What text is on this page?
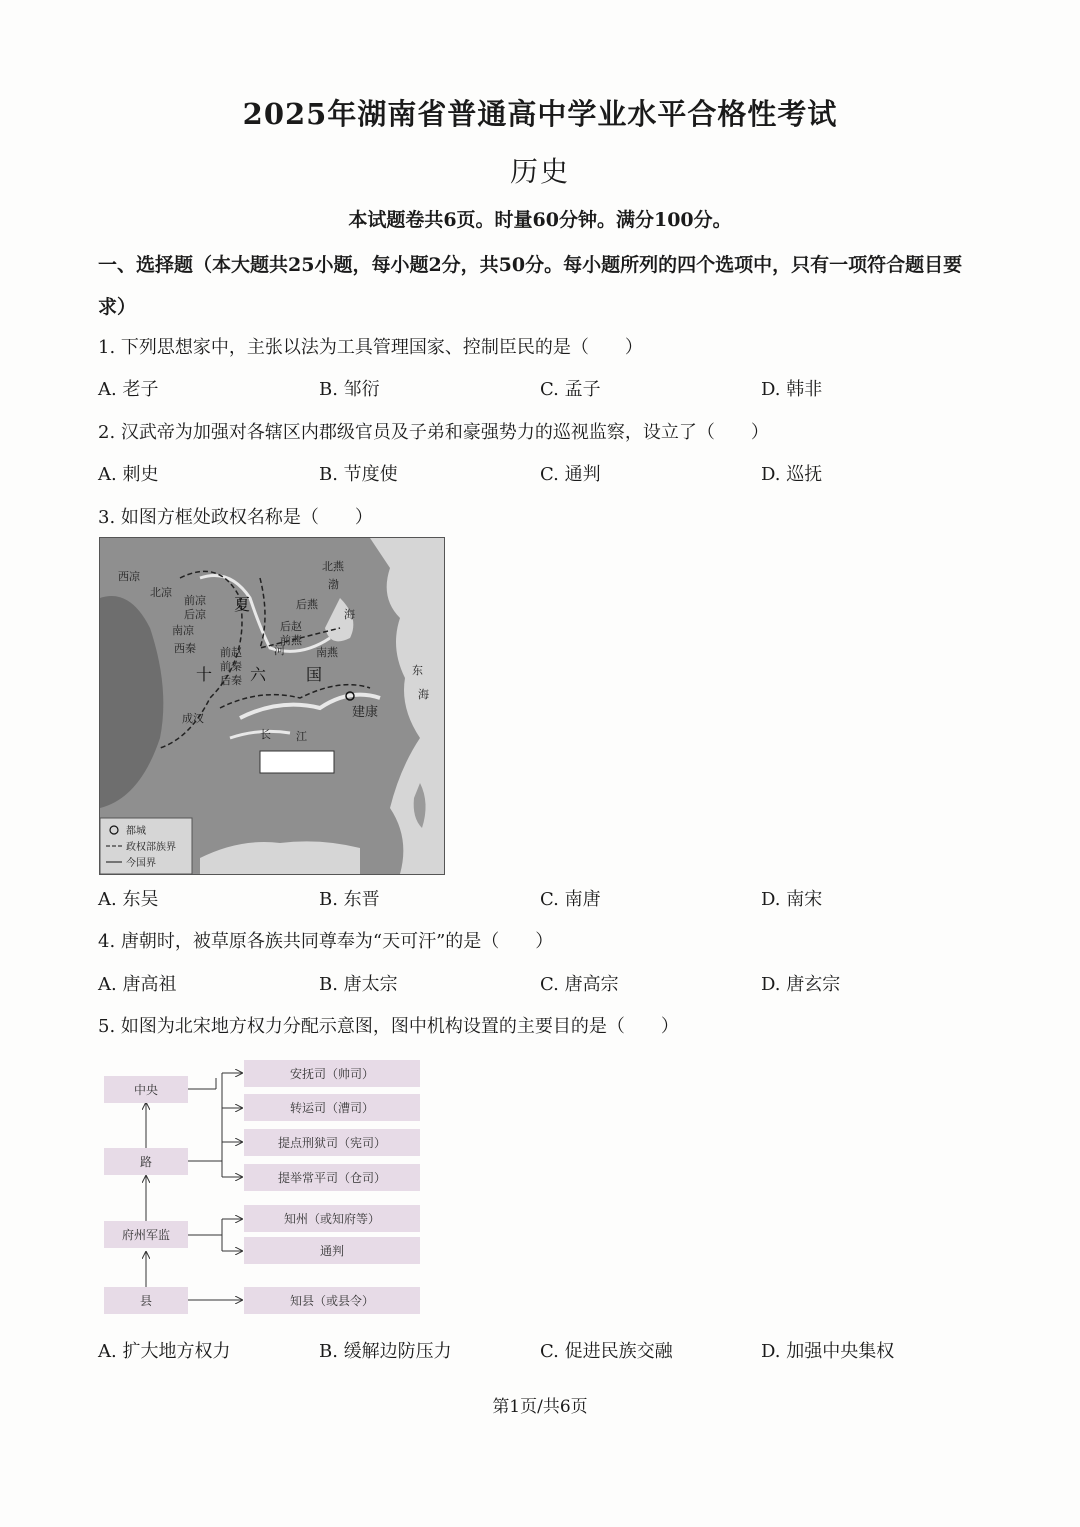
2025年湖南省普通高中学业水平合格性考试
历史
本试题卷共6页。时量60分钟。满分100分。
一、选择题（本大题共25小题，每小题2分，共50分。每小题所列的四个选项中，只有一项符合题目要求）
1. 下列思想家中，主张以法为工具管理国家、控制臣民的是（　　）
A. 老子	B. 邹衍	C. 孟子	D. 韩非
2. 汉武帝为加强对各辖区内郡级官员及子弟和豪强势力的巡视监察，设立了（　　）
A. 刺史	B. 节度使	C. 通判	D. 巡抚
3. 如图方框处政权名称是（　　）
西凉
北凉
前凉
后凉
南凉
西秦
夏
北燕
后燕
后赵
前燕
前赵
前秦
后秦
成汉
南燕
十 六 国
渤
海
东
海
河
长 江
建康
都城
政权部族界
今国界
A. 东吴	B. 东晋	C. 南唐	D. 南宋
4. 唐朝时，被草原各族共同尊奉为“天可汗”的是（　　）
A. 唐高祖	B. 唐太宗	C. 唐高宗	D. 唐玄宗
5. 如图为北宋地方权力分配示意图，图中机构设置的主要目的是（　　）
中央
路
府州军监
县
安抚司（帅司）
转运司（漕司）
提点刑狱司（宪司）
提举常平司（仓司）
知州（或知府等）
通判
知县（或县令）
A. 扩大地方权力	B. 缓解边防压力	C. 促进民族交融	D. 加强中央集权
第1页/共6页
